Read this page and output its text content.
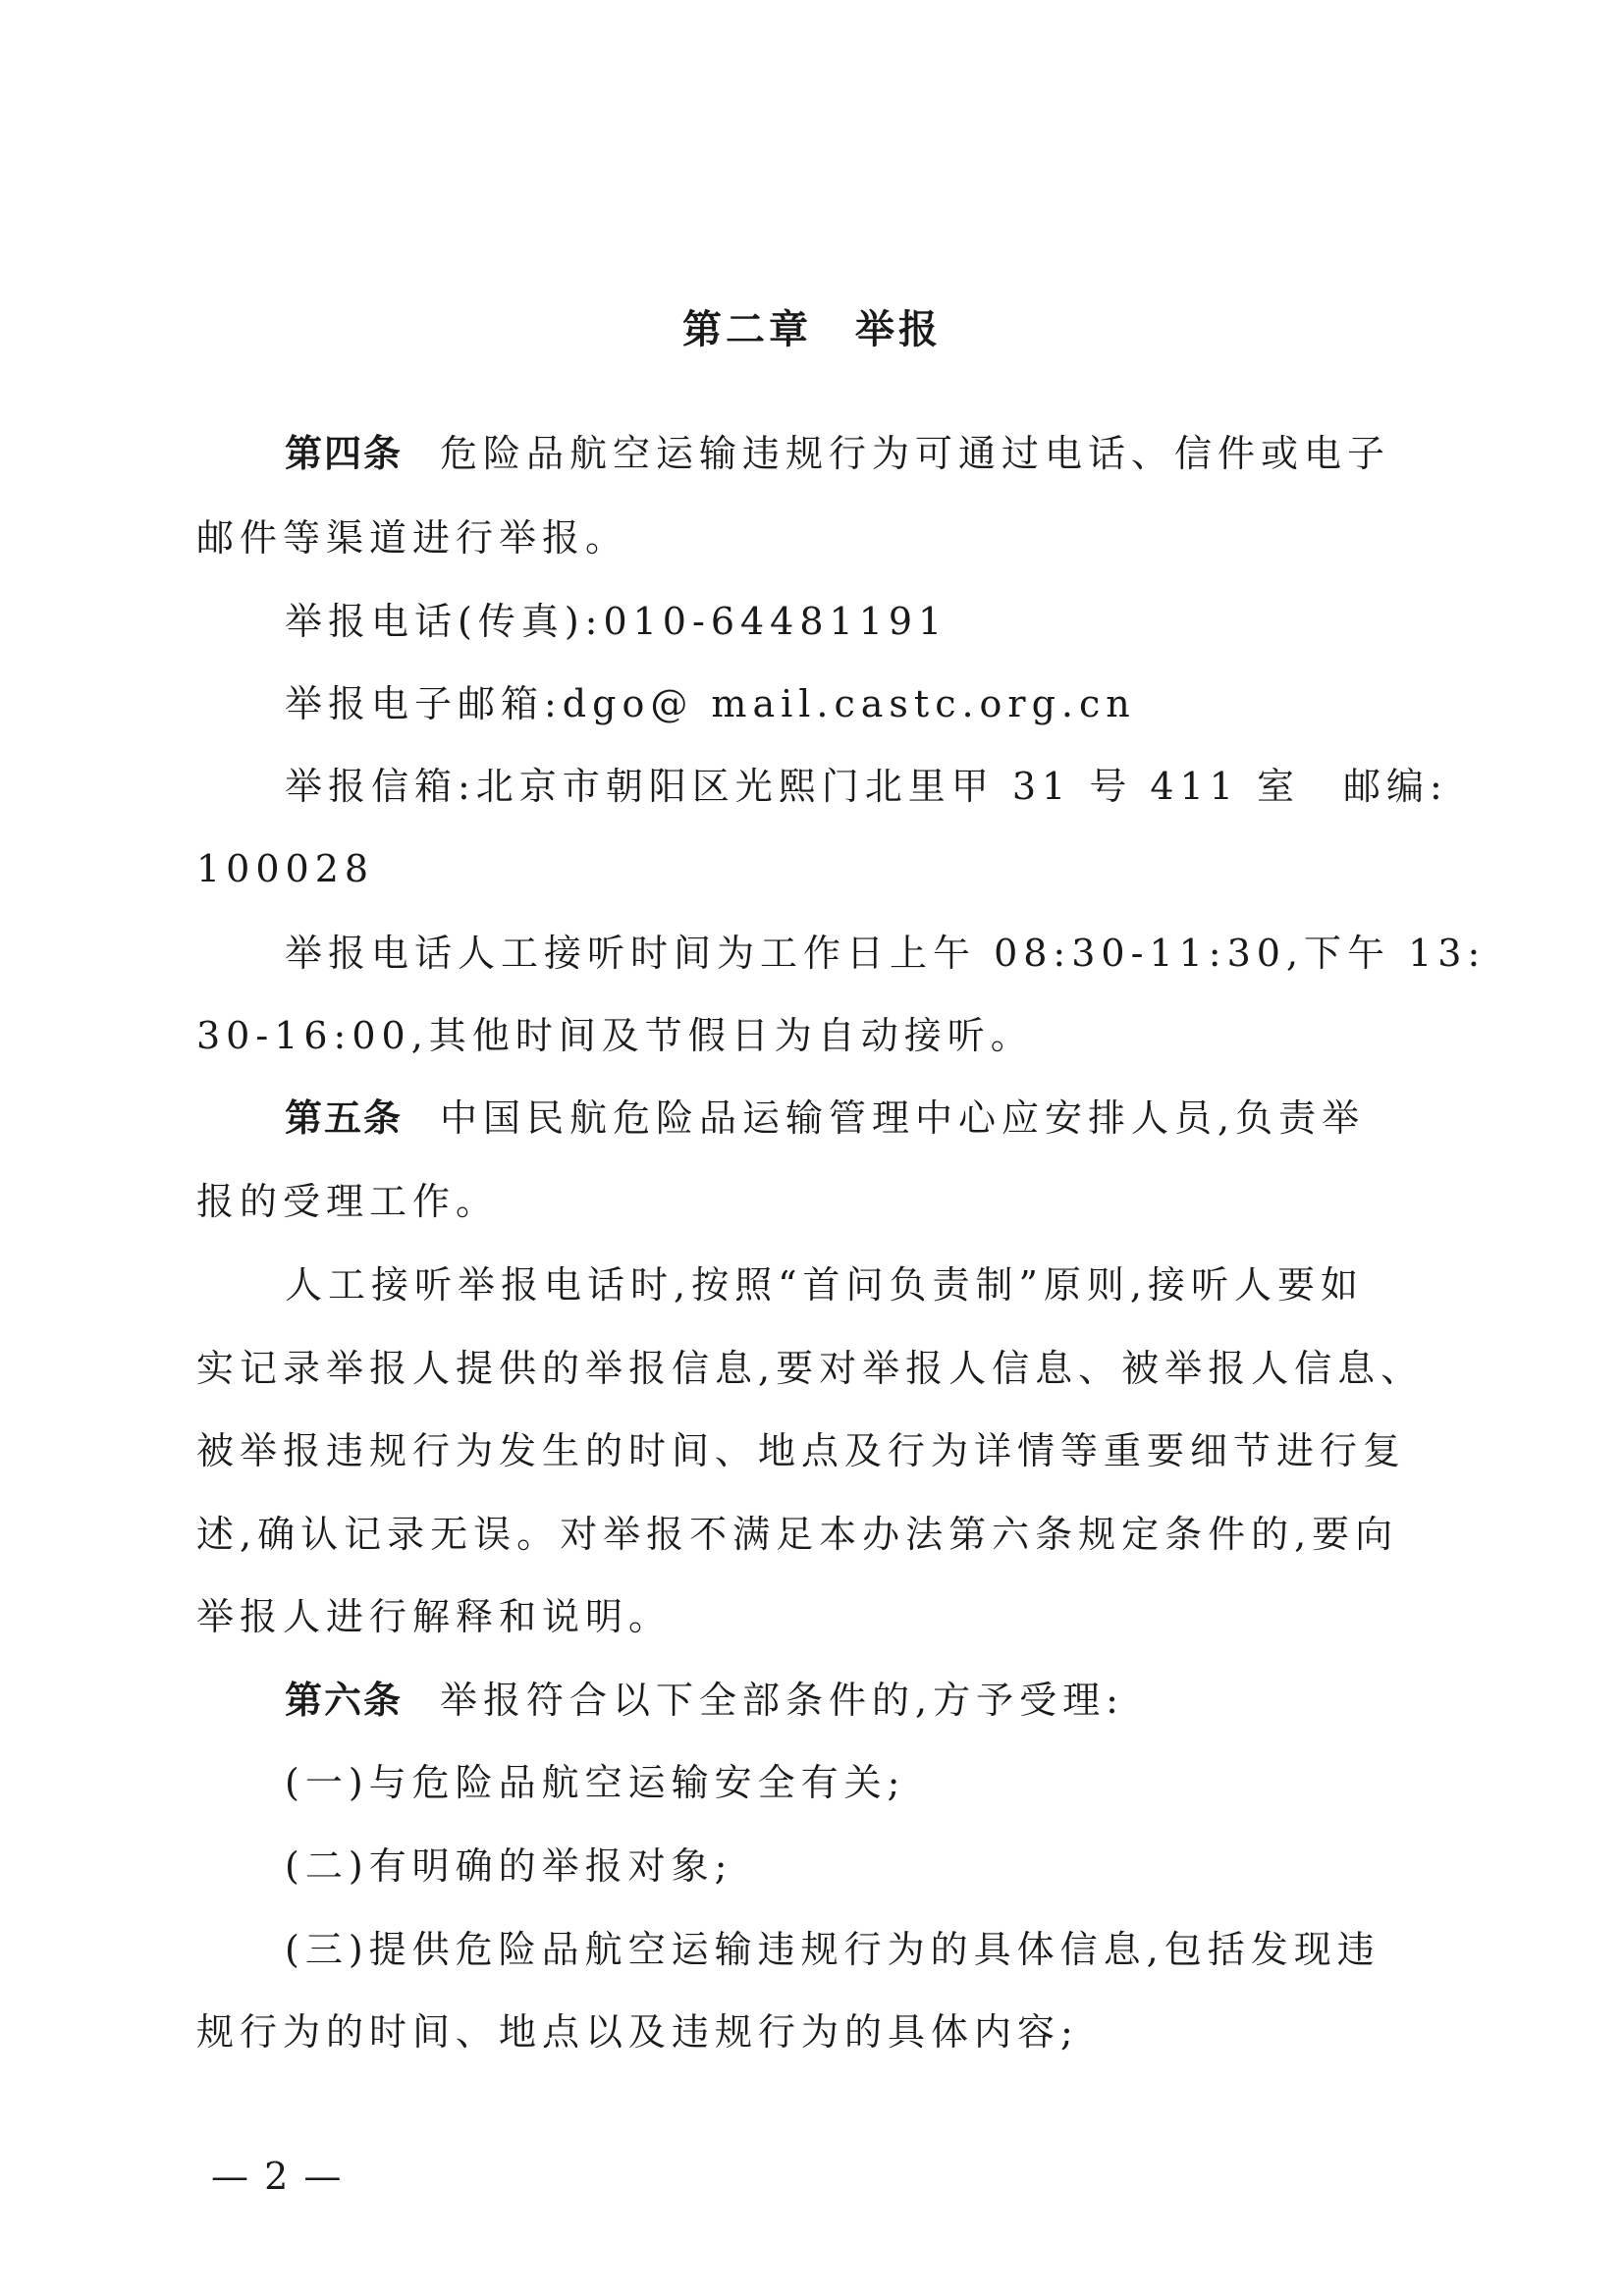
第二章　举报
第四条 危险品航空运输违规行为可通过电话、信件或电子
邮件等渠道进行举报。
举报电话(传真):010-64481191
举报电子邮箱:dgo@ mail.castc.org.cn
举报信箱:北京市朝阳区光熙门北里甲 31 号 411 室　邮编:
100028
举报电话人工接听时间为工作日上午 08:30-11:30,下午 13:
30-16:00,其他时间及节假日为自动接听。
第五条 中国民航危险品运输管理中心应安排人员,负责举
报的受理工作。
人工接听举报电话时,按照“首问负责制”原则,接听人要如
实记录举报人提供的举报信息,要对举报人信息、被举报人信息、
被举报违规行为发生的时间、地点及行为详情等重要细节进行复
述,确认记录无误。对举报不满足本办法第六条规定条件的,要向
举报人进行解释和说明。
第六条 举报符合以下全部条件的,方予受理:
(一)与危险品航空运输安全有关;
(二)有明确的举报对象;
(三)提供危险品航空运输违规行为的具体信息,包括发现违
规行为的时间、地点以及违规行为的具体内容;
— 2 —
